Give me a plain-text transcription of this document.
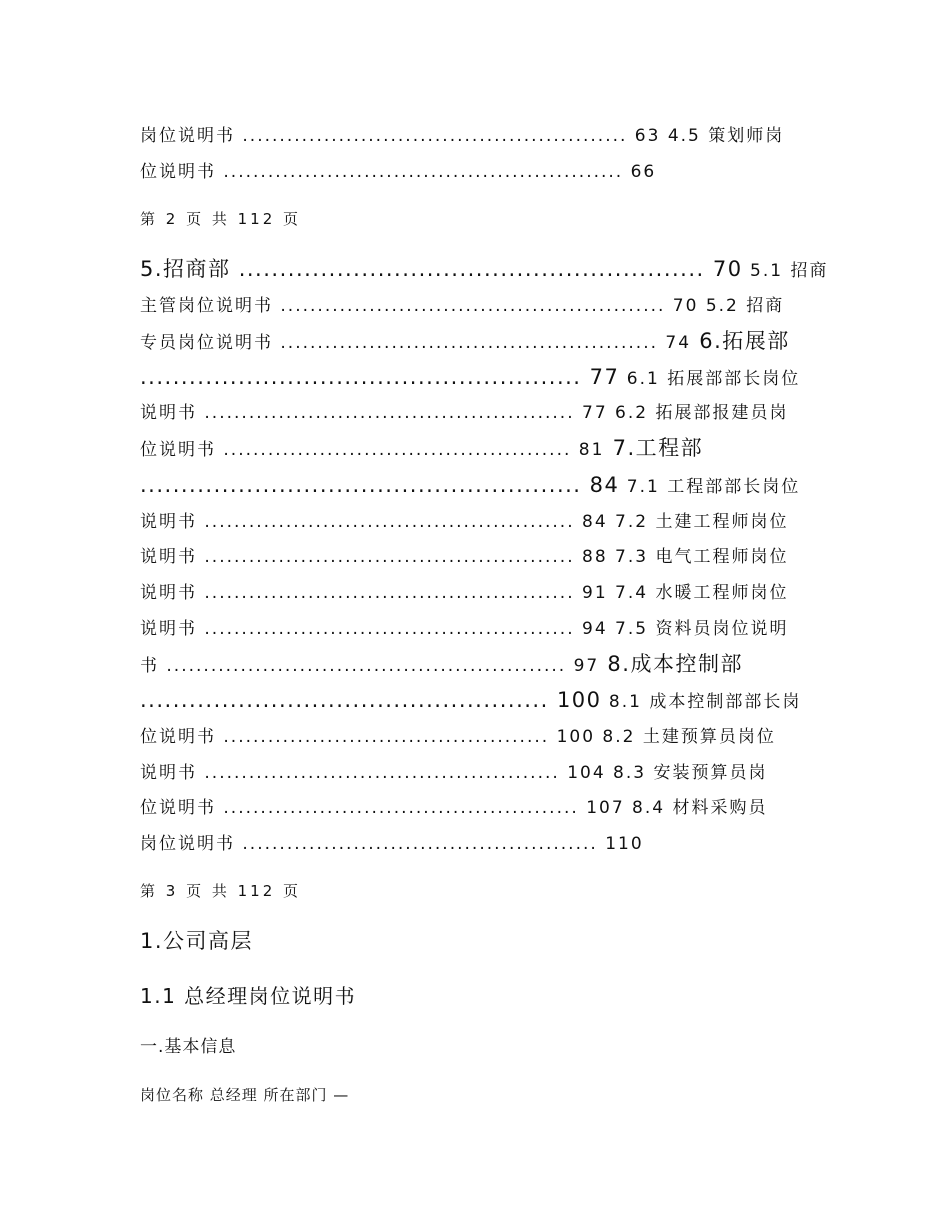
岗位说明书 .................................................... 63 4.5 策划师岗
位说明书 ...................................................... 66
第 2 页 共 112 页
5.招商部 ......................................................... 70 5.1 招商
主管岗位说明书 .................................................... 70 5.2 招商
专员岗位说明书 ................................................... 74 6.拓展部
...................................................... 77 6.1 拓展部部长岗位
说明书 .................................................. 77 6.2 拓展部报建员岗
位说明书 ............................................... 81 7.工程部
...................................................... 84 7.1 工程部部长岗位
说明书 .................................................. 84 7.2 土建工程师岗位
说明书 .................................................. 88 7.3 电气工程师岗位
说明书 .................................................. 91 7.4 水暖工程师岗位
说明书 .................................................. 94 7.5 资料员岗位说明
书 ...................................................... 97 8.成本控制部
.................................................. 100 8.1 成本控制部部长岗
位说明书 ............................................ 100 8.2 土建预算员岗位
说明书 ................................................ 104 8.3 安装预算员岗
位说明书 ................................................ 107 8.4 材料采购员
岗位说明书 ................................................ 110
第 3 页 共 112 页
1.公司高层
1.1 总经理岗位说明书
一.基本信息
岗位名称 总经理 所在部门 —
